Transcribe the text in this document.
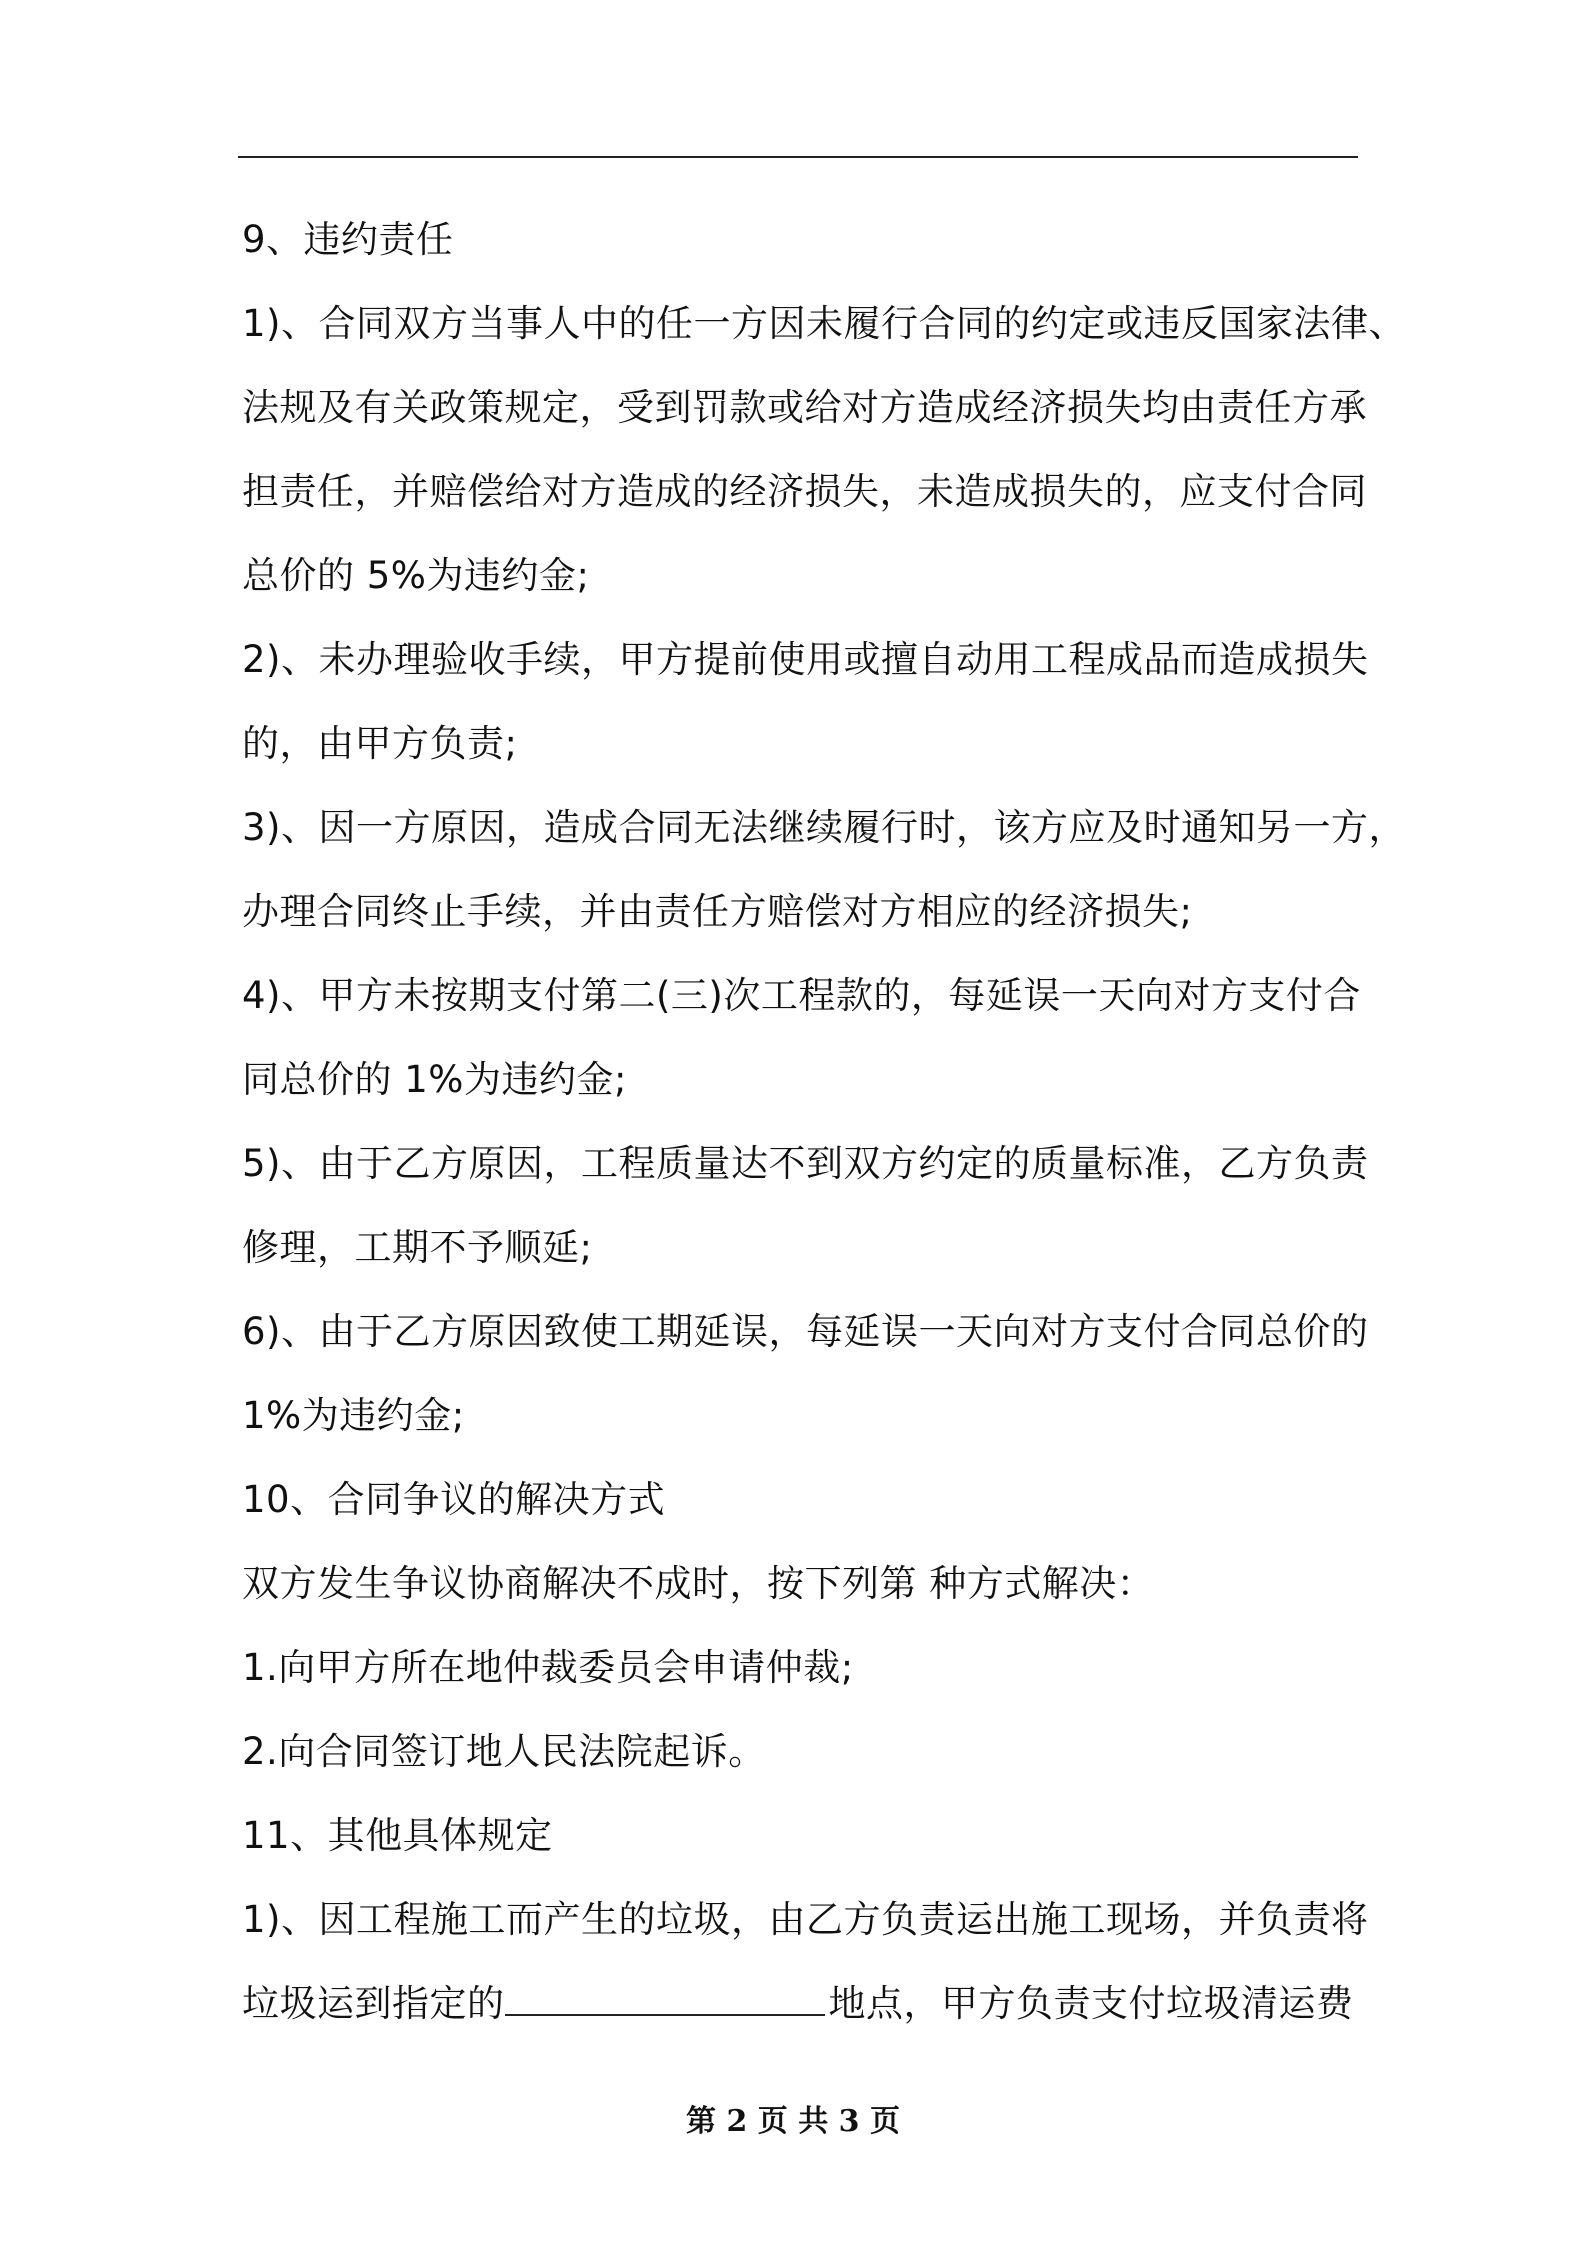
9、违约责任
1)、合同双方当事人中的任一方因未履行合同的约定或违反国家法律、
法规及有关政策规定，受到罚款或给对方造成经济损失均由责任方承
担责任，并赔偿给对方造成的经济损失，未造成损失的，应支付合同
总价的 5%为违约金;
2)、未办理验收手续，甲方提前使用或擅自动用工程成品而造成损失
的，由甲方负责;
3)、因一方原因，造成合同无法继续履行时，该方应及时通知另一方，
办理合同终止手续，并由责任方赔偿对方相应的经济损失;
4)、甲方未按期支付第二(三)次工程款的，每延误一天向对方支付合
同总价的 1%为违约金;
5)、由于乙方原因，工程质量达不到双方约定的质量标准，乙方负责
修理，工期不予顺延;
6)、由于乙方原因致使工期延误，每延误一天向对方支付合同总价的
1%为违约金;
10、合同争议的解决方式
双方发生争议协商解决不成时，按下列第 种方式解决：
1.向甲方所在地仲裁委员会申请仲裁;
2.向合同签订地人民法院起诉。
11、其他具体规定
1)、因工程施工而产生的垃圾，由乙方负责运出施工现场，并负责将
垃圾运到指定的	地点，甲方负责支付垃圾清运费
第 2 页 共 3 页
